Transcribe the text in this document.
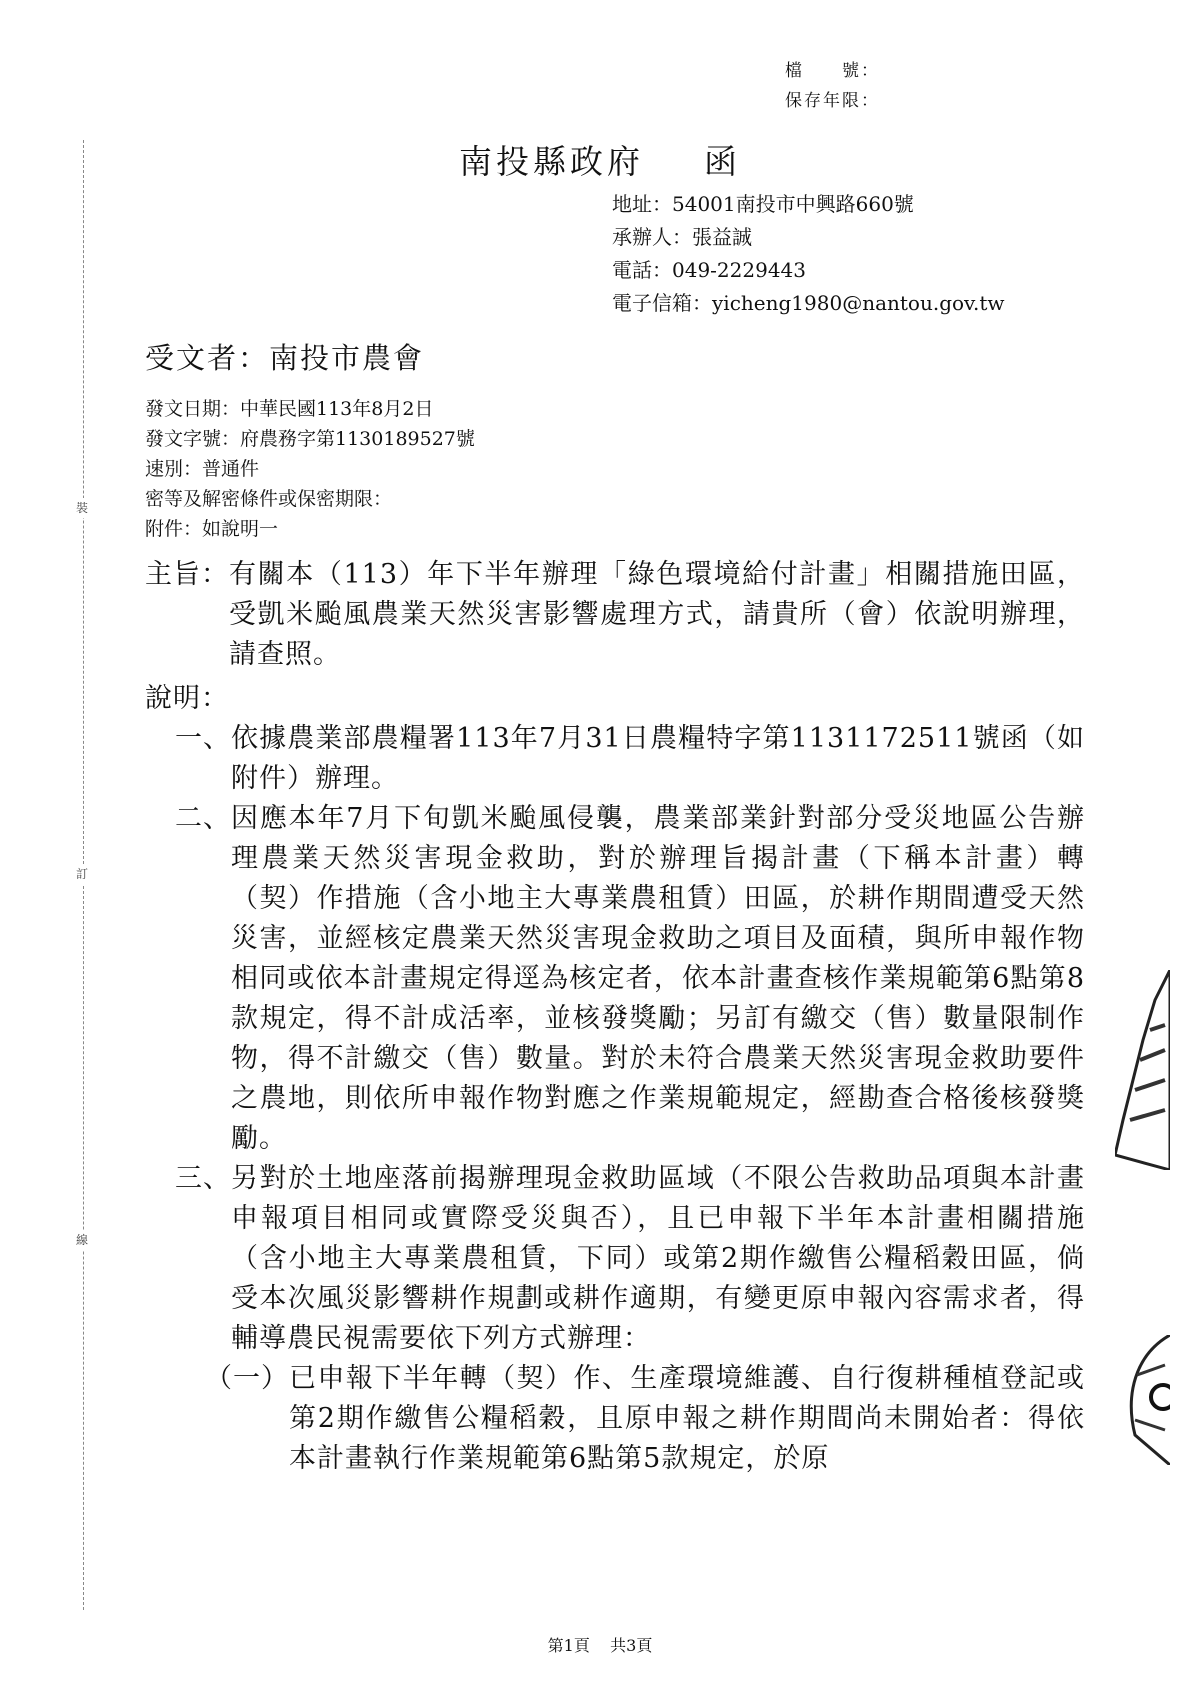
檔　　號：
保存年限：
南投縣政府 函
地址：54001南投市中興路660號
承辦人：張益誠
電話：049-2229443
電子信箱：yicheng1980@nantou.gov.tw
受文者：南投市農會
發文日期：中華民國113年8月2日
發文字號：府農務字第1130189527號
速別：普通件
密等及解密條件或保密期限：
附件：如說明一
裝
訂
線
主旨： 有關本（113）年下半年辦理「綠色環境給付計畫」相關措施田區，受凱米颱風農業天然災害影響處理方式，請貴所（會）依說明辦理，請查照。
說明：
一、 依據農業部農糧署113年7月31日農糧特字第1131172511號函（如附件）辦理。
二、 因應本年7月下旬凱米颱風侵襲，農業部業針對部分受災地區公告辦理農業天然災害現金救助，對於辦理旨揭計畫（下稱本計畫）轉（契）作措施（含小地主大專業農租賃）田區，於耕作期間遭受天然災害，並經核定農業天然災害現金救助之項目及面積，與所申報作物相同或依本計畫規定得逕為核定者，依本計畫查核作業規範第6點第8款規定，得不計成活率，並核發獎勵；另訂有繳交（售）數量限制作物，得不計繳交（售）數量。對於未符合農業天然災害現金救助要件之農地，則依所申報作物對應之作業規範規定，經勘查合格後核發獎勵。
三、 另對於土地座落前揭辦理現金救助區域（不限公告救助品項與本計畫申報項目相同或實際受災與否），且已申報下半年本計畫相關措施（含小地主大專業農租賃，下同）或第2期作繳售公糧稻穀田區，倘受本次風災影響耕作規劃或耕作適期，有變更原申報內容需求者，得輔導農民視需要依下列方式辦理：
（一） 已申報下半年轉（契）作、生產環境維護、自行復耕種植登記或第2期作繳售公糧稻穀，且原申報之耕作期間尚未開始者：得依本計畫執行作業規範第6點第5款規定，於原
第1頁 共3頁
